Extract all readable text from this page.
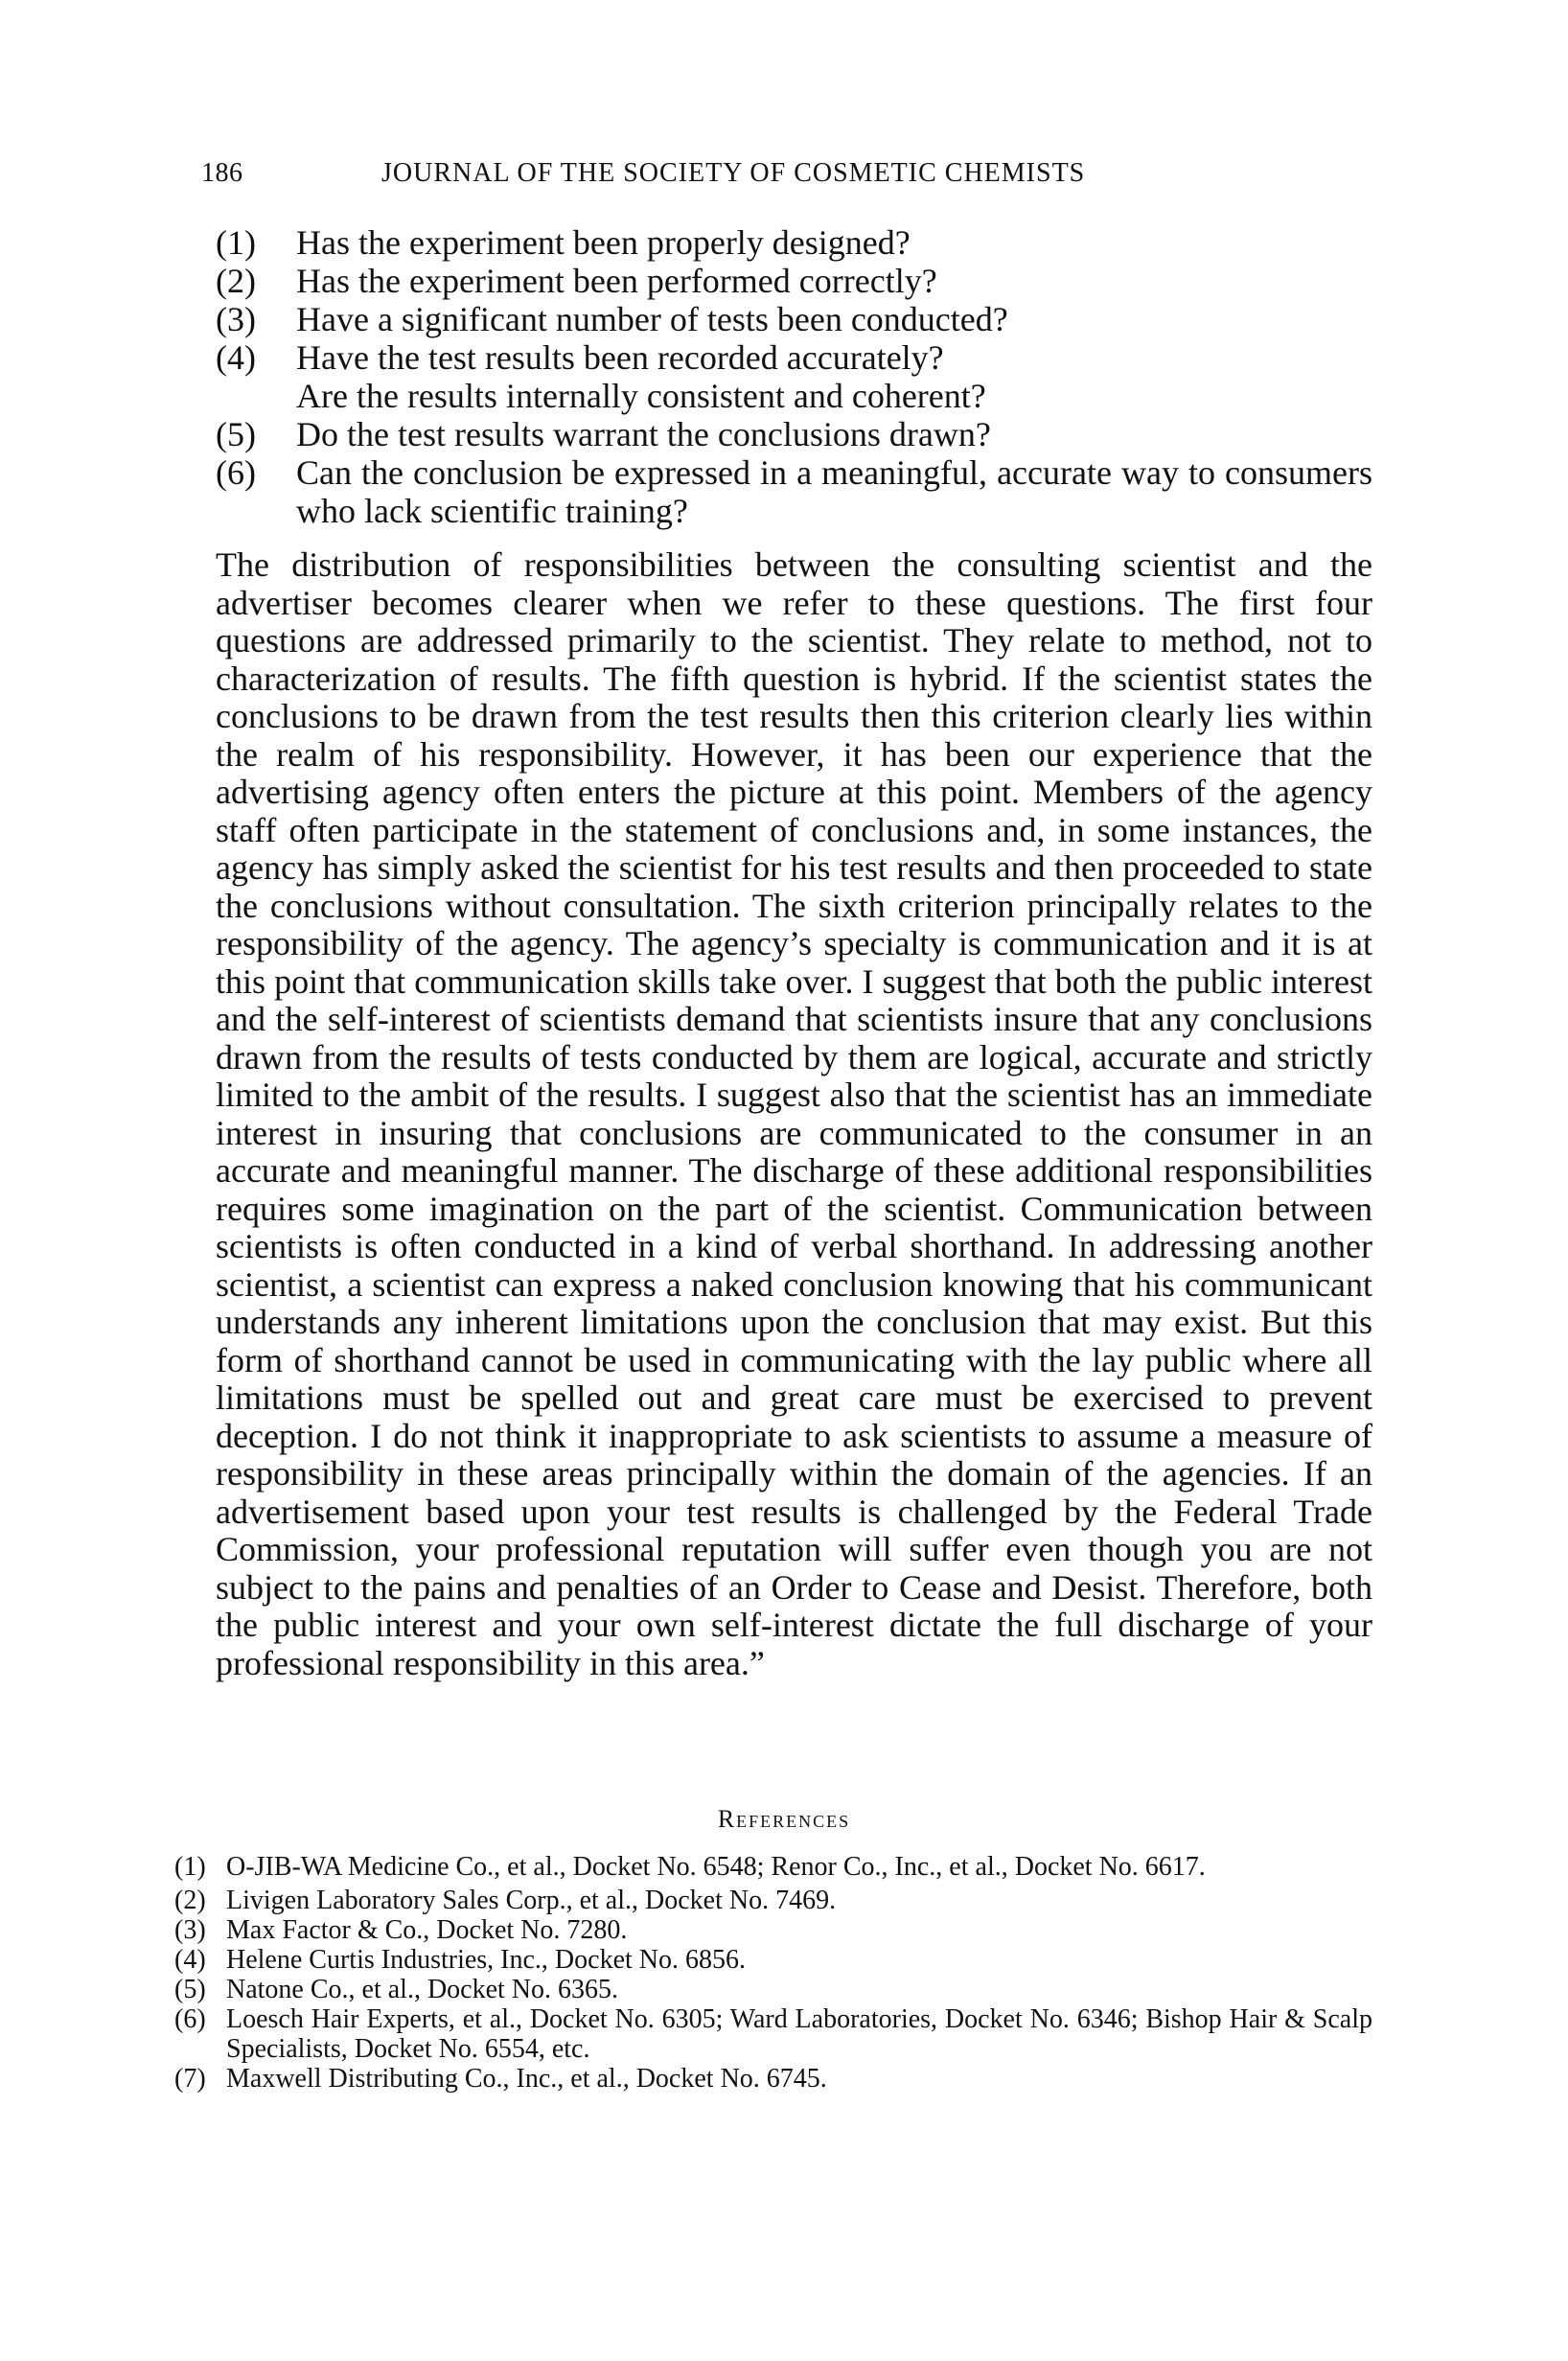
186	JOURNAL OF THE SOCIETY OF COSMETIC CHEMISTS
(1)	Has the experiment been properly designed?
(2)	Has the experiment been performed correctly?
(3)	Have a significant number of tests been conducted?
(4)	Have the test results been recorded accurately?
Are the results internally consistent and coherent?
(5)	Do the test results warrant the conclusions drawn?
(6)	Can the conclusion be expressed in a meaningful, accurate way to consumers who lack scientific training?

The distribution of responsibilities between the consulting scientist and the advertiser becomes clearer when we refer to these questions. The first four questions are addressed primarily to the scientist. They relate to method, not to characterization of results. The fifth question is hybrid. If the scientist states the conclusions to be drawn from the test results then this criterion clearly lies within the realm of his responsibility. However, it has been our experience that the advertising agency often enters the picture at this point. Members of the agency staff often participate in the statement of conclusions and, in some instances, the agency has simply asked the scientist for his test results and then proceeded to state the conclusions without consultation. The sixth criterion principally relates to the responsibility of the agency. The agency’s specialty is communication and it is at this point that communication skills take over. I suggest that both the public interest and the self-interest of scientists demand that scientists insure that any conclusions drawn from the results of tests conducted by them are logical, accurate and strictly limited to the ambit of the results. I suggest also that the scientist has an immediate interest in insuring that conclusions are communicated to the consumer in an accurate and meaningful manner. The discharge of these additional responsibilities requires some imagination on the part of the scientist. Communication between scientists is often conducted in a kind of verbal shorthand. In addressing another scientist, a scientist can express a naked conclusion knowing that his communicant understands any inherent limitations upon the conclusion that may exist. But this form of shorthand cannot be used in communicating with the lay public where all limitations must be spelled out and great care must be exercised to prevent deception. I do not think it inappropriate to ask scientists to assume a measure of responsibility in these areas principally within the domain of the agencies. If an advertisement based upon your test results is challenged by the Federal Trade Commission, your professional reputation will suffer even though you are not subject to the pains and penalties of an Order to Cease and Desist. Therefore, both the public interest and your own self-interest dictate the full discharge of your professional responsibility in this area.”

References
(1) O-JIB-WA Medicine Co., et al., Docket No. 6548; Renor Co., Inc., et al., Docket No. 6617.
(2) Livigen Laboratory Sales Corp., et al., Docket No. 7469.
(3) Max Factor & Co., Docket No. 7280.
(4) Helene Curtis Industries, Inc., Docket No. 6856.
(5) Natone Co., et al., Docket No. 6365.
(6) Loesch Hair Experts, et al., Docket No. 6305; Ward Laboratories, Docket No. 6346; Bishop Hair & Scalp Specialists, Docket No. 6554, etc.
(7) Maxwell Distributing Co., Inc., et al., Docket No. 6745.
